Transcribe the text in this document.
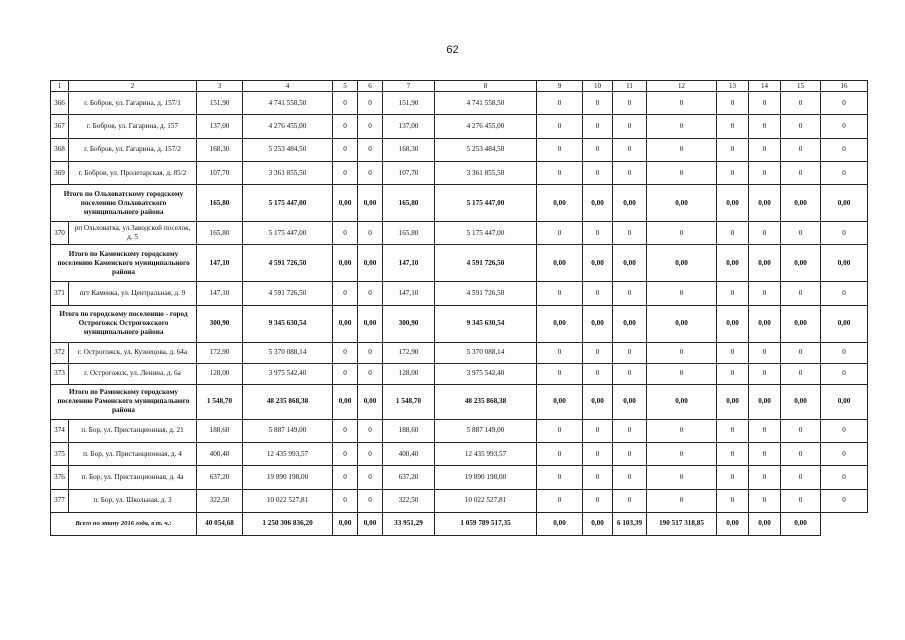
62
1	2	3	4	5	6	7	8	9	10	11	12	13	14	15	16
366	г. Бобров, ул. Гагарина, д. 157/1	151,90	4 741 558,50	0	0	151,90	4 741 558,50	0	0	0	0	0	0	0	0
367	г. Бобров, ул. Гагарина, д. 157	137,00	4 276 455,00	0	0	137,00	4 276 455,00	0	0	0	0	0	0	0	0
368	г. Бобров, ул. Гагарина, д. 157/2	168,30	5 253 484,50	0	0	168,30	5 253 484,50	0	0	0	0	0	0	0	0
369	г. Бобров, ул. Пролетарская, д. 85/2	107,70	3 361 855,50	0	0	107,70	3 361 855,50	0	0	0	0	0	0	0	0
Итого по Ольховатскому городскому поселению Ольховатского муниципального района		165,80	5 175 447,00	0,00	0,00	165,80	5 175 447,00	0,00	0,00	0,00	0,00	0,00	0,00	0,00	0,00
370	рп Ольховатка, ул.Заводской поселок, д. 5	165,80	5 175 447,00	0	0	165,80	5 175 447,00	0	0	0	0	0	0	0	0
Итого по Каменскому городскому поселению Каменского муниципального района		147,10	4 591 726,50	0,00	0,00	147,10	4 591 726,50	0,00	0,00	0,00	0,00	0,00	0,00	0,00	0,00
371	пгт Каменка, ул. Центральная, д. 9	147,10	4 591 726,50	0	0	147,10	4 591 726,50	0	0	0	0	0	0	0	0
Итого по городскому поселению - город Острогожск Острогожского муниципального района		300,90	9 345 630,54	0,00	0,00	300,90	9 345 630,54	0,00	0,00	0,00	0,00	0,00	0,00	0,00	0,00
372	г. Острогожск, ул. Кузнецова, д. 64а	172,90	5 370 088,14	0	0	172,90	5 370 088,14	0	0	0	0	0	0	0	0
373	г. Острогожск, ул. Ленина, д. 6а	128,00	3 975 542,40	0	0	128,00	3 975 542,40	0	0	0	0	0	0	0	0
Итого по Рамонскому городскому поселению Рамонского муниципального района		1 548,70	48 235 868,38	0,00	0,00	1 548,70	48 235 868,38	0,00	0,00	0,00	0,00	0,00	0,00	0,00	0,00
374	п. Бор, ул. Пристанционная, д. 21	188,60	5 887 149,00	0	0	188,60	5 887 149,00	0	0	0	0	0	0	0	0
375	п. Бор, ул. Пристанционная, д. 4	400,40	12 435 993,57	0	0	400,40	12 435 993,57	0	0	0	0	0	0	0	0
376	п. Бор, ул. Пристанционная, д. 4а	637,20	19 890 198,00	0	0	637,20	19 890 198,00	0	0	0	0	0	0	0	0
377	п. Бор, ул. Школьная, д. 3	322,50	10 022 527,81	0	0	322,50	10 022 527,81	0	0	0	0	0	0	0	0
Всего по этапу 2016 года, в т. ч.:		40 054,68	1 250 306 836,20	0,00	0,00	33 951,29	1 059 789 517,35	0,00	0,00	6 103,39	190 517 318,85	0,00	0,00	0,00	
